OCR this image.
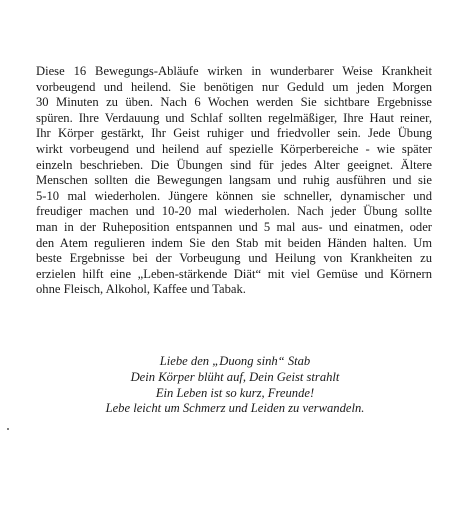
Diese 16 Bewegungs-Abläufe wirken in wunderbarer Weise Krankheit
vorbeugend und heilend. Sie benötigen nur Geduld um jeden Morgen
30 Minuten zu üben. Nach 6 Wochen werden Sie sichtbare Ergebnisse
spüren. Ihre Verdauung und Schlaf sollten regelmäßiger, Ihre Haut reiner,
Ihr Körper gestärkt, Ihr Geist ruhiger und friedvoller sein. Jede Übung
wirkt vorbeugend und heilend auf spezielle Körperbereiche - wie später
einzeln beschrieben. Die Übungen sind für jedes Alter geeignet. Ältere
Menschen sollten die Bewegungen langsam und ruhig ausführen und sie
5-10 mal wiederholen. Jüngere können sie schneller, dynamischer und
freudiger machen und 10-20 mal wiederholen. Nach jeder Übung sollte
man in der Ruheposition entspannen und 5 mal aus- und einatmen, oder
den Atem regulieren indem Sie den Stab mit beiden Händen halten. Um
beste Ergebnisse bei der Vorbeugung und Heilung von Krankheiten zu
erzielen hilft eine „Leben-stärkende Diät“ mit viel Gemüse und Körnern
ohne Fleisch, Alkohol, Kaffee und Tabak.
Liebe den „Duong sinh“ Stab
Dein Körper blüht auf, Dein Geist strahlt
Ein Leben ist so kurz, Freunde!
Lebe leicht um Schmerz und Leiden zu verwandeln.
